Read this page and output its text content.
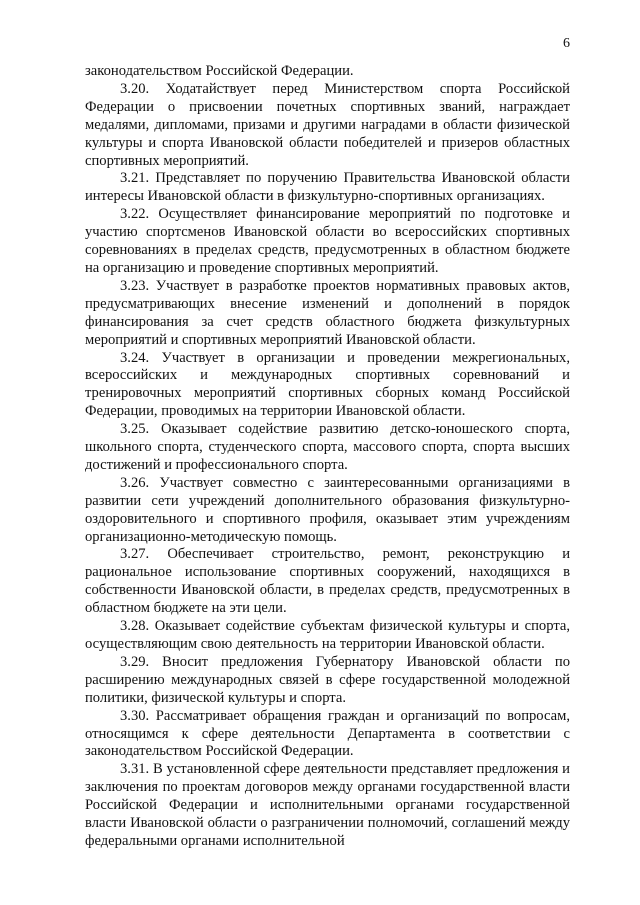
6

законодательством Российской Федерации.

3.20. Ходатайствует перед Министерством спорта Российской Федерации о присвоении почетных спортивных званий, награждает медалями, дипломами, призами и другими наградами в области физической культуры и спорта Ивановской области победителей и призеров областных спортивных мероприятий.

3.21. Представляет по поручению Правительства Ивановской области интересы Ивановской области в физкультурно-спортивных организациях.

3.22. Осуществляет финансирование мероприятий по подготовке и участию спортсменов Ивановской области во всероссийских спортивных соревнованиях в пределах средств, предусмотренных в областном бюджете на организацию и проведение спортивных мероприятий.

3.23. Участвует в разработке проектов нормативных правовых актов, предусматривающих внесение изменений и дополнений в порядок финансирования за счет средств областного бюджета физкультурных мероприятий и спортивных мероприятий Ивановской области.

3.24. Участвует в организации и проведении межрегиональных, всероссийских и международных спортивных соревнований и тренировочных мероприятий спортивных сборных команд Российской Федерации, проводимых на территории Ивановской области.

3.25. Оказывает содействие развитию детско-юношеского спорта, школьного спорта, студенческого спорта, массового спорта, спорта высших достижений и профессионального спорта.

3.26. Участвует совместно с заинтересованными организациями в развитии сети учреждений дополнительного образования физкультурно-оздоровительного и спортивного профиля, оказывает этим учреждениям организационно-методическую помощь.

3.27. Обеспечивает строительство, ремонт, реконструкцию и рациональное использование спортивных сооружений, находящихся в собственности Ивановской области, в пределах средств, предусмотренных в областном бюджете на эти цели.

3.28. Оказывает содействие субъектам физической культуры и спорта, осуществляющим свою деятельность на территории Ивановской области.

3.29. Вносит предложения Губернатору Ивановской области по расширению международных связей в сфере государственной молодежной политики, физической культуры и спорта.

3.30. Рассматривает обращения граждан и организаций по вопросам, относящимся к сфере деятельности Департамента в соответствии с законодательством Российской Федерации.

3.31. В установленной сфере деятельности представляет предложения и заключения по проектам договоров между органами государственной власти Российской Федерации и исполнительными органами государственной власти Ивановской области о разграничении полномочий, соглашений между федеральными органами исполнительной
